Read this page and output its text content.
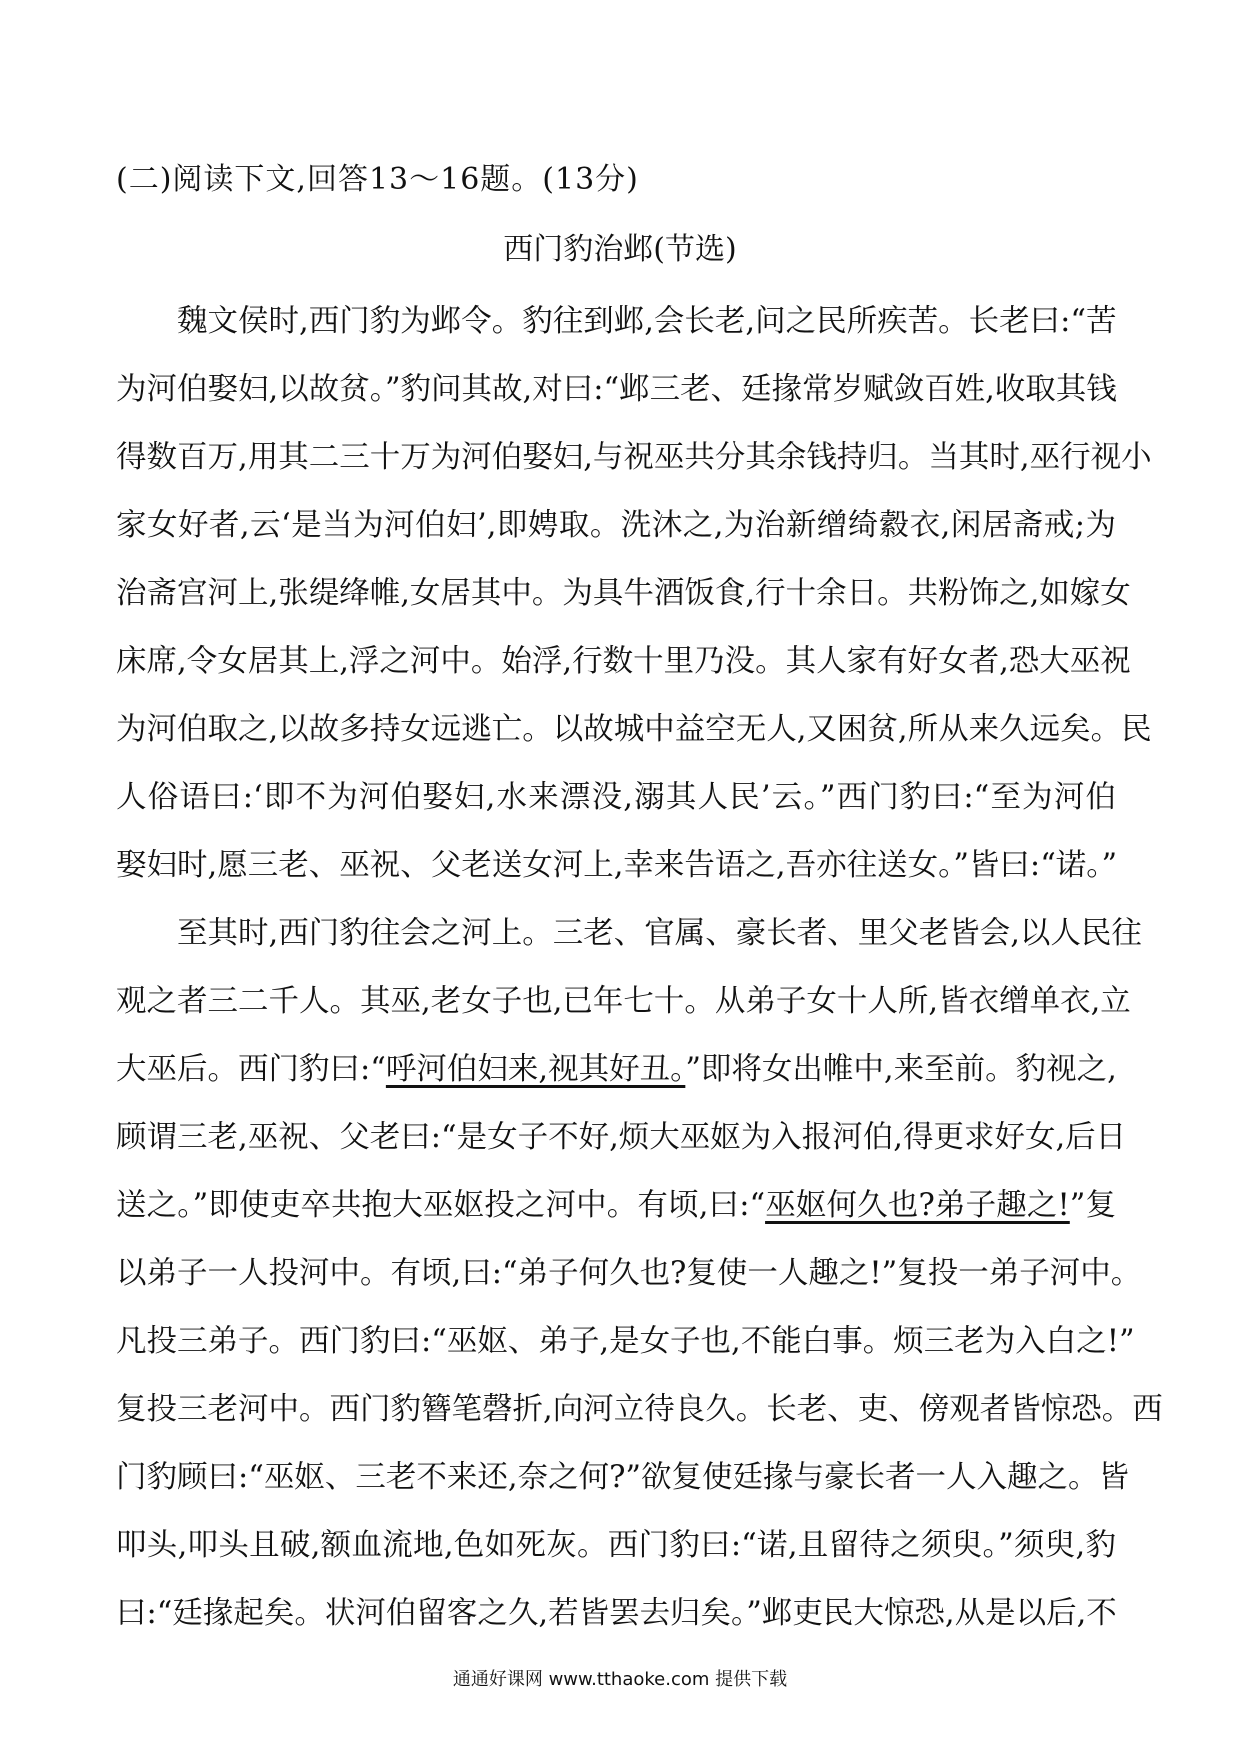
(二)阅读下文,回答13～16题。(13分)
西门豹治邺(节选)
　　魏文侯时,西门豹为邺令。豹往到邺,会长老,问之民所疾苦。长老曰:“苦
为河伯娶妇,以故贫。”豹问其故,对曰:“邺三老、廷掾常岁赋敛百姓,收取其钱
得数百万,用其二三十万为河伯娶妇,与祝巫共分其余钱持归。当其时,巫行视小
家女好者,云‘是当为河伯妇’,即娉取。洗沐之,为治新缯绮縠衣,闲居斋戒;为
治斋宫河上,张缇绛帷,女居其中。为具牛酒饭食,行十余日。共粉饰之,如嫁女
床席,令女居其上,浮之河中。始浮,行数十里乃没。其人家有好女者,恐大巫祝
为河伯取之,以故多持女远逃亡。以故城中益空无人,又困贫,所从来久远矣。民
人俗语曰:‘即不为河伯娶妇,水来漂没,溺其人民’云。”西门豹曰:“至为河伯
娶妇时,愿三老、巫祝、父老送女河上,幸来告语之,吾亦往送女。”皆曰:“诺。”
　　至其时,西门豹往会之河上。三老、官属、豪长者、里父老皆会,以人民往
观之者三二千人。其巫,老女子也,已年七十。从弟子女十人所,皆衣缯单衣,立
大巫后。西门豹曰:“呼河伯妇来,视其好丑。”即将女出帷中,来至前。豹视之,
顾谓三老,巫祝、父老曰:“是女子不好,烦大巫妪为入报河伯,得更求好女,后日
送之。”即使吏卒共抱大巫妪投之河中。有顷,曰:“巫妪何久也?弟子趣之!”复
以弟子一人投河中。有顷,曰:“弟子何久也?复使一人趣之!”复投一弟子河中。
凡投三弟子。西门豹曰:“巫妪、弟子,是女子也,不能白事。烦三老为入白之!”
复投三老河中。西门豹簪笔磬折,向河立待良久。长老、吏、傍观者皆惊恐。西
门豹顾曰:“巫妪、三老不来还,奈之何?”欲复使廷掾与豪长者一人入趣之。皆
叩头,叩头且破,额血流地,色如死灰。西门豹曰:“诺,且留待之须臾。”须臾,豹
曰:“廷掾起矣。状河伯留客之久,若皆罢去归矣。”邺吏民大惊恐,从是以后,不
通通好课网 www.tthaoke.com 提供下载
